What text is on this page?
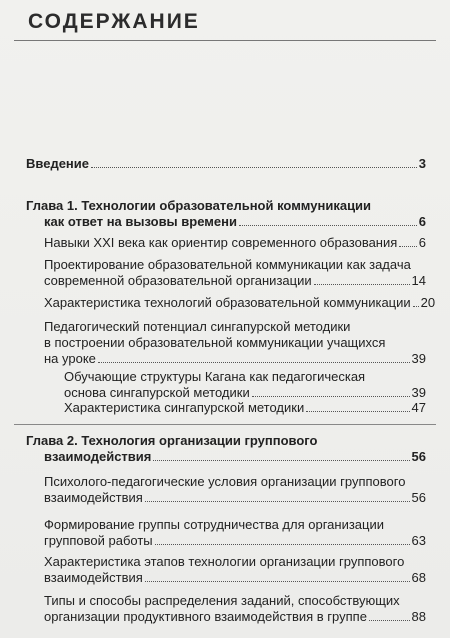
СОДЕРЖАНИЕ
Введение	3
Глава 1. Технологии образовательной коммуникации
как ответ на вызовы времени	6
Навыки XXI века как ориентир современного образования 6
Проектирование образовательной коммуникации как задача
современной образовательной организации	14
Характеристика технологий образовательной коммуникации 20
Педагогический потенциал сингапурской методики
в построении образовательной коммуникации учащихся
на уроке	39
Обучающие структуры Кагана как педагогическая
основа сингапурской методики	39
Характеристика сингапурской методики	47
Глава 2. Технология организации группового
взаимодействия	56
Психолого-педагогические условия организации группового
взаимодействия	56
Формирование группы сотрудничества для организации
групповой работы	63
Характеристика этапов технологии организации группового
взаимодействия	68
Типы и способы распределения заданий, способствующих
организации продуктивного взаимодействия в группе	88
